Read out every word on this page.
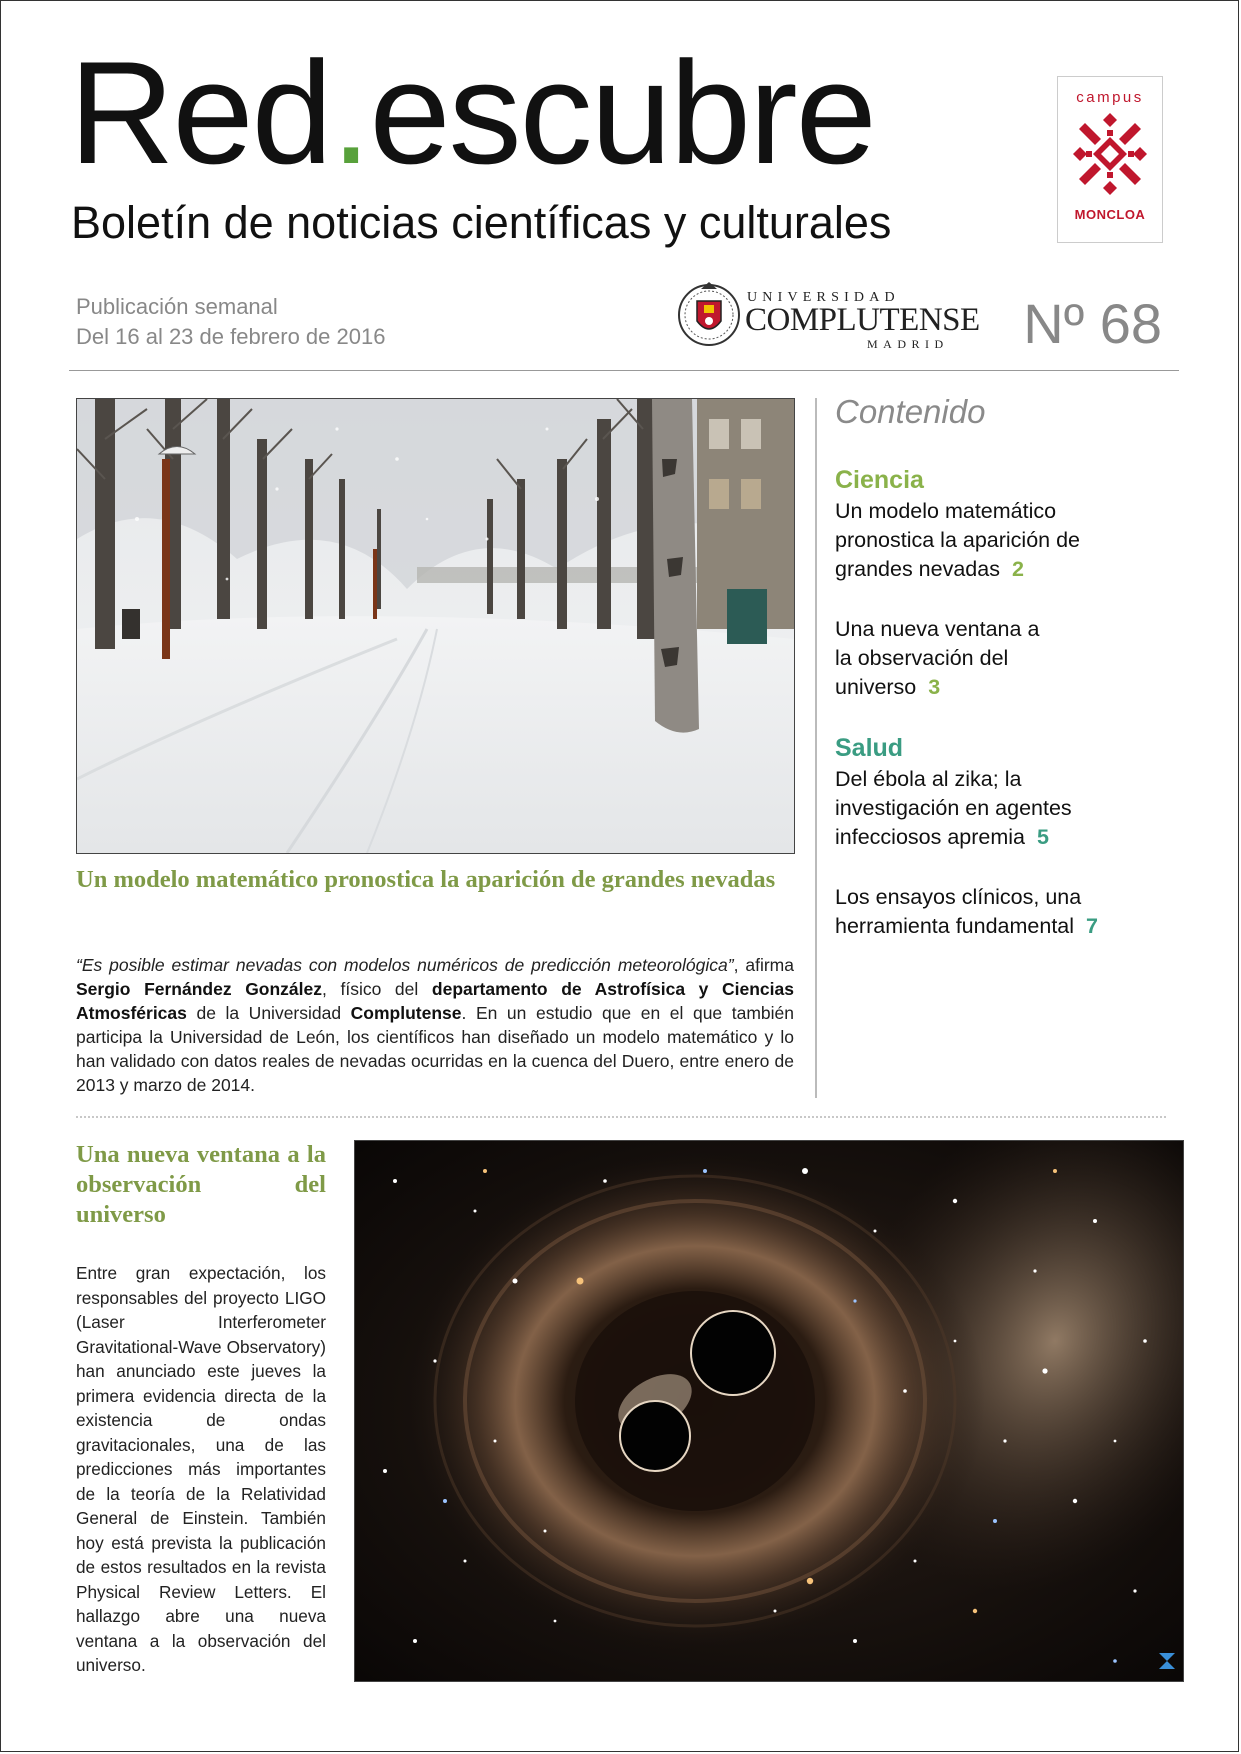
Red.escubre
Boletín de noticias científicas y culturales
campus
MONCLOA
Publicación semanal
Del 16 al 23 de febrero de 2016
UNIVERSIDAD
COMPLUTENSE
MADRID Nº 68
Un modelo matemático pronostica la aparición de grandes nevadas
“Es posible estimar nevadas con modelos numéricos de predicción meteorológica”, afirma Sergio Fernández González, físico del departamento de Astrofísica y Ciencias Atmosféricas de la Universidad Complutense. En un estudio que en el que también participa la Universidad de León, los científicos han diseñado un modelo matemático y lo han validado con datos reales de nevadas ocurridas en la cuenca del Duero, entre enero de 2013 y marzo de 2014.
Contenido
Ciencia
Un modelo matemático pronostica la aparición de grandes nevadas 2
Una nueva ventana a la observación del universo 3
Salud
Del ébola al zika; la investigación en agentes infecciosos apremia 5
Los ensayos clínicos, una herramienta fundamental 7
Una nueva ventana a la observación del universo
Entre gran expectación, los responsables del proyecto LIGO (Laser Interferometer Gravitational-Wave Observatory) han anunciado este jueves la primera evidencia directa de la existencia de ondas gravitacionales, una de las predicciones más importantes de la teoría de la Relatividad General de Einstein. También hoy está prevista la publicación de estos resultados en la revista Physical Review Letters. El hallazgo abre una nueva ventana a la observación del universo.
